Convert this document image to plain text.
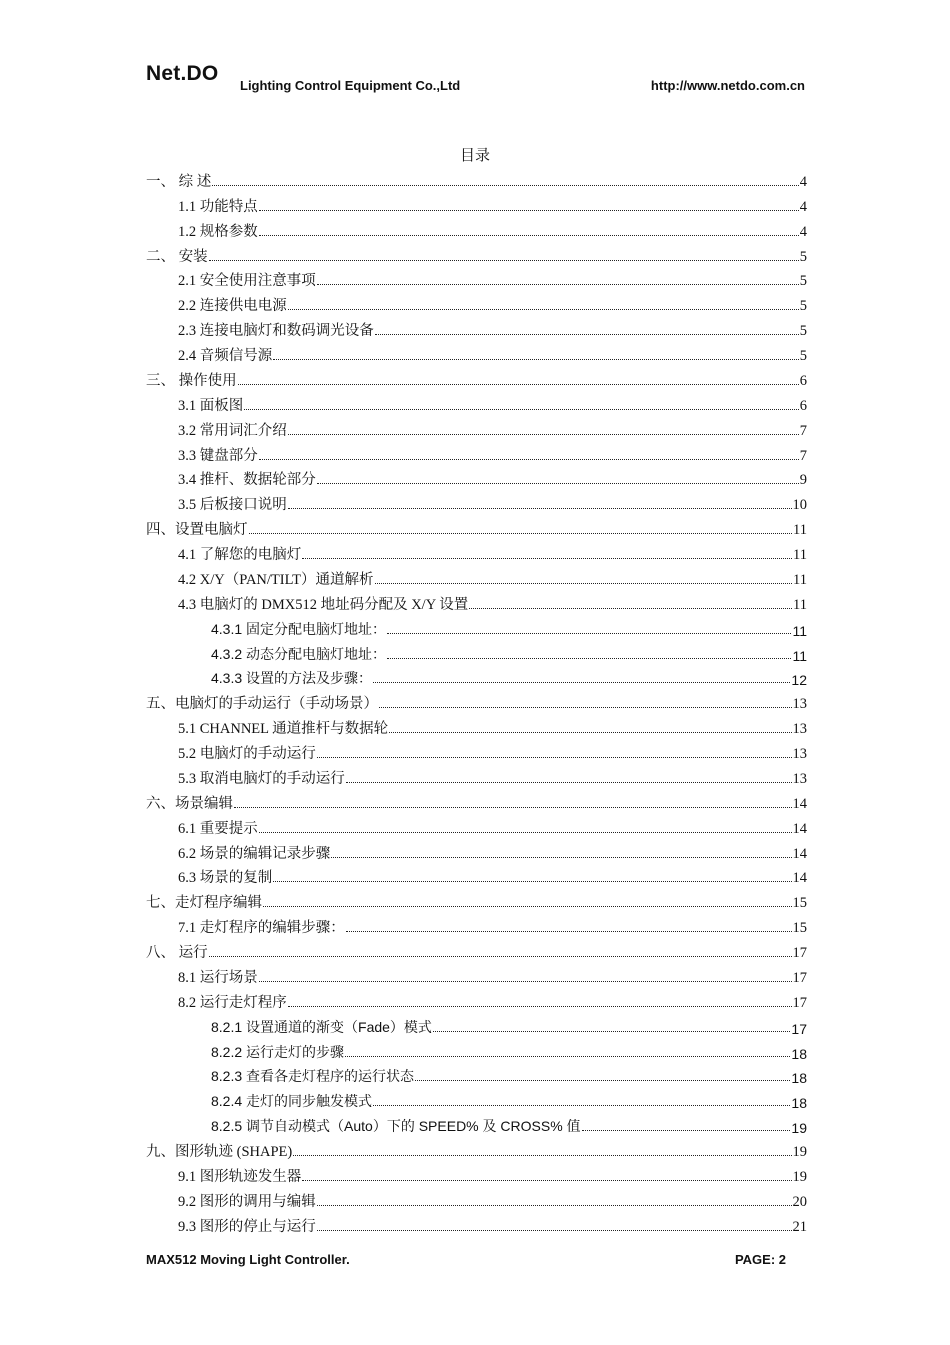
Net.DO
Lighting Control Equipment Co.,Ltd	http://www.netdo.com.cn
目录
一、 综 述	4
1.1 功能特点	4
1.2 规格参数	4
二、 安装	5
2.1 安全使用注意事项	5
2.2 连接供电电源	5
2.3 连接电脑灯和数码调光设备	5
2.4 音频信号源	5
三、 操作使用	6
3.1 面板图	6
3.2 常用词汇介绍	7
3.3 键盘部分	7
3.4 推杆、数据轮部分	9
3.5 后板接口说明	10
四、设置电脑灯	11
4.1 了解您的电脑灯	11
4.2 X/Y（PAN/TILT）通道解析	11
4.3 电脑灯的 DMX512 地址码分配及 X/Y 设置	11
4.3.1 固定分配电脑灯地址：	11
4.3.2 动态分配电脑灯地址：	11
4.3.3 设置的方法及步骤：	12
五、电脑灯的手动运行（手动场景）	13
5.1 CHANNEL 通道推杆与数据轮	13
5.2 电脑灯的手动运行	13
5.3 取消电脑灯的手动运行	13
六、场景编辑	14
6.1 重要提示	14
6.2 场景的编辑记录步骤	14
6.3 场景的复制	14
七、走灯程序编辑	15
7.1 走灯程序的编辑步骤：	15
八、 运行	17
8.1 运行场景	17
8.2 运行走灯程序	17
8.2.1 设置通道的渐变（Fade）模式	17
8.2.2 运行走灯的步骤	18
8.2.3 查看各走灯程序的运行状态	18
8.2.4 走灯的同步触发模式	18
8.2.5 调节自动模式（Auto）下的 SPEED% 及 CROSS% 值	19
九、图形轨迹 (SHAPE)	19
9.1 图形轨迹发生器	19
9.2 图形的调用与编辑	20
9.3 图形的停止与运行	21
MAX512 Moving Light Controller.	PAGE: 2
